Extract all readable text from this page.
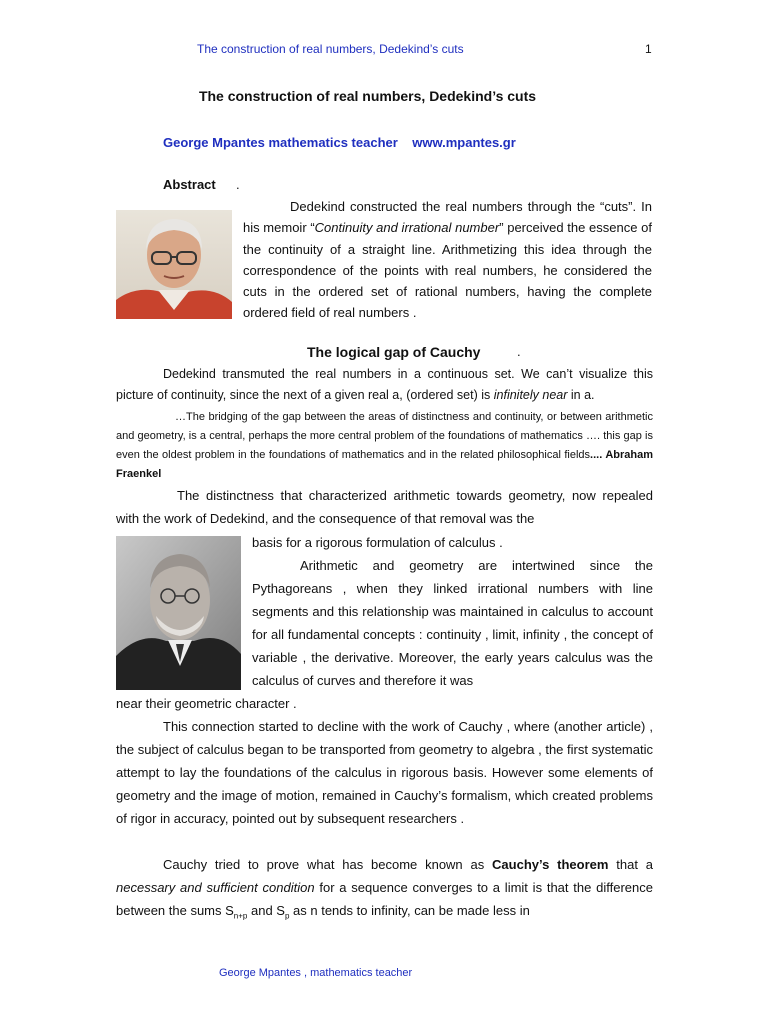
The construction of real numbers, Dedekind’s cuts	1
The construction of real numbers, Dedekind’s cuts
George Mpantes mathematics teacher    www.mpantes.gr
Abstract .

Dedekind constructed the real numbers through the “cuts”. In his memoir “Continuity and irrational number” perceived the essence of the continuity of a straight line. Arithmetizing this idea through the correspondence of the points with real numbers, he considered the cuts in the ordered set of rational numbers, having the complete ordered field of real numbers .

The logical gap of Cauchy	.

Dedekind transmuted the real numbers in a continuous set. We can’t visualize this picture of continuity, since the next of a given real a, (ordered set) is infinitely near in a.

…The bridging of the gap between the areas of distinctness and continuity, or between arithmetic and geometry, is a central, perhaps the more central problem of the foundations of mathematics …. this gap is even the oldest problem in the foundations of mathematics and in the related philosophical fields.... Abraham Fraenkel

The distinctness that characterized arithmetic towards geometry, now repealed with the work of Dedekind, and the consequence of that removal was the

basis for a rigorous formulation of calculus .

Arithmetic and geometry are intertwined since the Pythagoreans , when they linked irrational numbers with line segments and this relationship was maintained in calculus to account for all fundamental concepts : continuity , limit, infinity , the concept of variable , the derivative. Moreover, the early years calculus was the calculus of curves and therefore it was

near their geometric character .

This connection started to decline with the work of Cauchy , where (another article) , the subject of calculus began to be transported from geometry to algebra , the first systematic attempt to lay the foundations of the calculus in rigorous basis. However some elements of geometry and the image of motion, remained in Cauchy’s formalism, which created problems of rigor in accuracy, pointed out by subsequent researchers .

Cauchy tried to prove what has become known as Cauchy’s theorem that a necessary and sufficient condition for a sequence converges to a limit is that the difference between the sums $S_{n+p}$ and $S_p$ as n tends to infinity, can be made less in

George Mpantes , mathematics teacher
